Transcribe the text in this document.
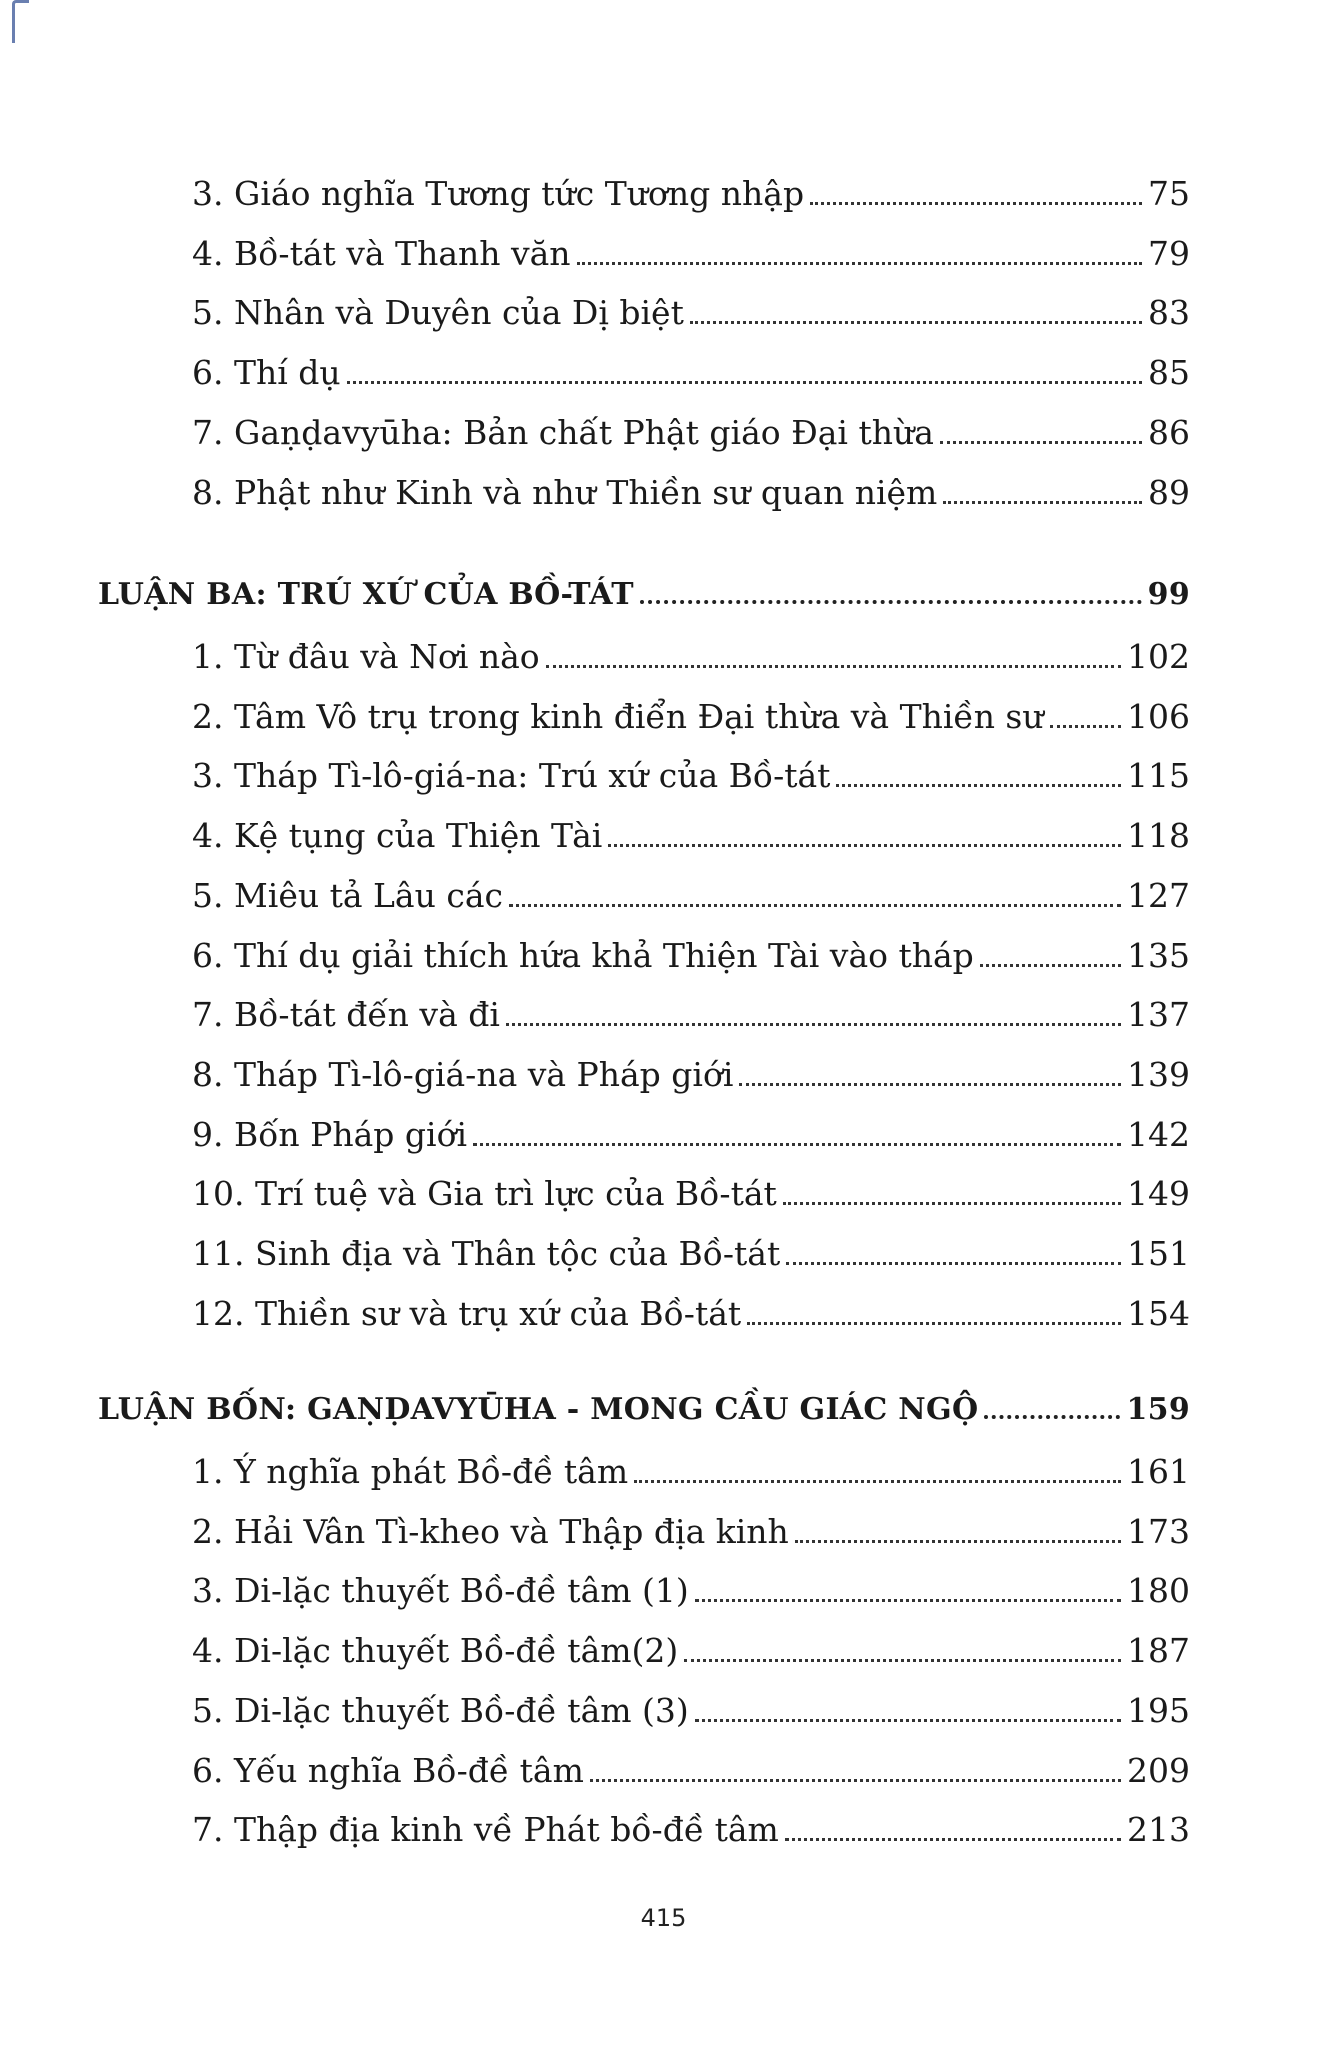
3. Giáo nghĩa Tương tức Tương nhập	75
4. Bồ-tát và Thanh văn	79
5. Nhân và Duyên của Dị biệt	83
6. Thí dụ	85
7. Gaṇḍavyūha: Bản chất Phật giáo Đại thừa	86
8. Phật như Kinh và như Thiền sư quan niệm	89
LUẬN BA: TRÚ XỨ CỦA BỒ-TÁT	99
1. Từ đâu và Nơi nào	102
2. Tâm Vô trụ trong kinh điển Đại thừa và Thiền sư	106
3. Tháp Tì-lô-giá-na: Trú xứ của Bồ-tát	115
4. Kệ tụng của Thiện Tài	118
5. Miêu tả Lâu các	127
6. Thí dụ giải thích hứa khả Thiện Tài vào tháp	135
7. Bồ-tát đến và đi	137
8. Tháp Tì-lô-giá-na và Pháp giới	139
9. Bốn Pháp giới	142
10. Trí tuệ và Gia trì lực của Bồ-tát	149
11. Sinh địa và Thân tộc của Bồ-tát	151
12. Thiền sư và trụ xứ của Bồ-tát	154
LUẬN BỐN: GAṆḌAVYŪHA - MONG CẦU GIÁC NGỘ	159
1. Ý nghĩa phát Bồ-đề tâm	161
2. Hải Vân Tì-kheo và Thập địa kinh	173
3. Di-lặc thuyết Bồ-đề tâm (1)	180
4. Di-lặc thuyết Bồ-đề tâm(2)	187
5. Di-lặc thuyết Bồ-đề tâm (3)	195
6. Yếu nghĩa Bồ-đề tâm	209
7. Thập địa kinh về Phát bồ-đề tâm	213
415
